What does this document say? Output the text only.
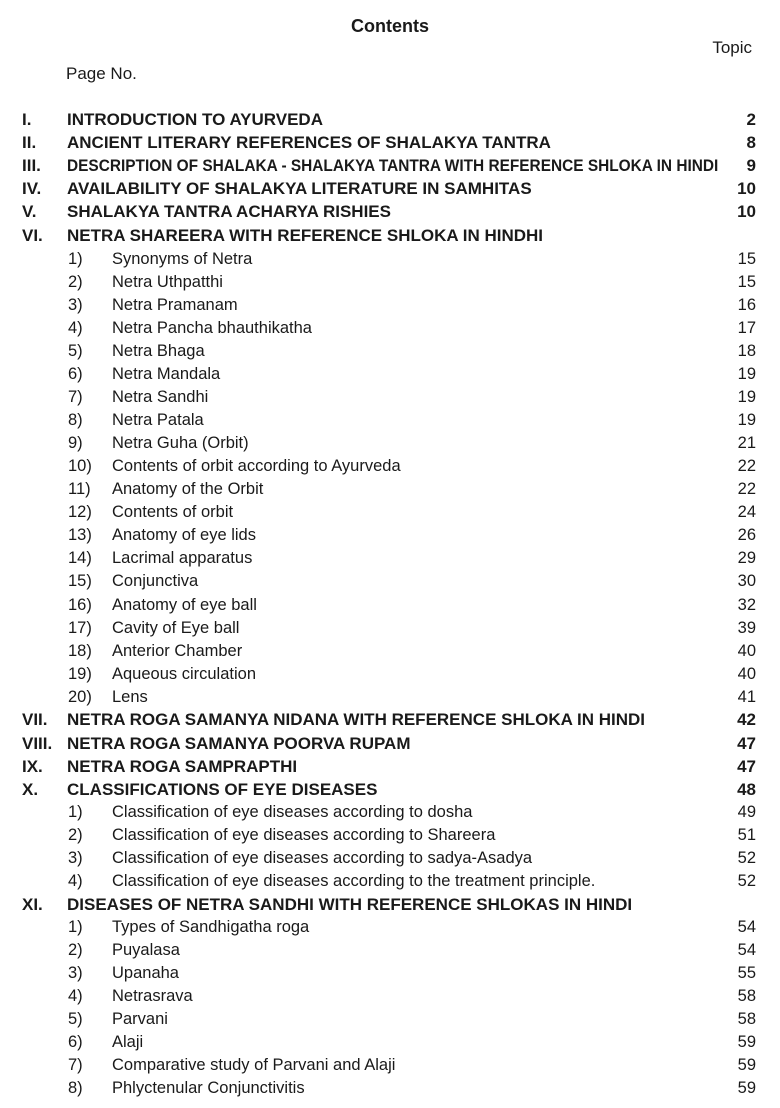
Contents
Topic
Page No.
I. INTRODUCTION TO AYURVEDA	2
II. ANCIENT LITERARY REFERENCES OF SHALAKYA TANTRA	8
III. DESCRIPTION OF SHALAKA - SHALAKYA TANTRA WITH REFERENCE SHLOKA IN HINDI 9
IV. AVAILABILITY OF SHALAKYA LITERATURE IN SAMHITAS	10
V. SHALAKYA TANTRA ACHARYA RISHIES	10
VI. NETRA SHAREERA WITH REFERENCE SHLOKA IN HINDHI
1) Synonyms of Netra	15
2) Netra Uthpatthi	15
3) Netra Pramanam	16
4) Netra Pancha bhauthikatha	17
5) Netra Bhaga	18
6) Netra Mandala	19
7) Netra Sandhi	19
8) Netra Patala	19
9) Netra Guha (Orbit)	21
10) Contents of orbit according to Ayurveda	22
11) Anatomy of the Orbit	22
12) Contents of orbit	24
13) Anatomy of eye lids	26
14) Lacrimal apparatus	29
15) Conjunctiva	30
16) Anatomy of eye ball	32
17) Cavity of Eye ball	39
18) Anterior Chamber	40
19) Aqueous circulation	40
20) Lens	41
VII. NETRA ROGA SAMANYA NIDANA WITH REFERENCE SHLOKA IN HINDI	42
VIII. NETRA ROGA SAMANYA POORVA RUPAM	47
IX. NETRA ROGA SAMPRAPTHI	47
X. CLASSIFICATIONS OF EYE DISEASES	48
1) Classification of eye diseases according to dosha	49
2) Classification of eye diseases according to Shareera	51
3) Classification of eye diseases according to sadya-Asadya	52
4) Classification of eye diseases according to the treatment principle.	52
XI. DISEASES OF NETRA SANDHI WITH REFERENCE SHLOKAS IN HINDI
1) Types of Sandhigatha roga	54
2) Puyalasa	54
3) Upanaha	55
4) Netrasrava	58
5) Parvani	58
6) Alaji	59
7) Comparative study of Parvani and Alaji	59
8) Phlyctenular Conjunctivitis	59
